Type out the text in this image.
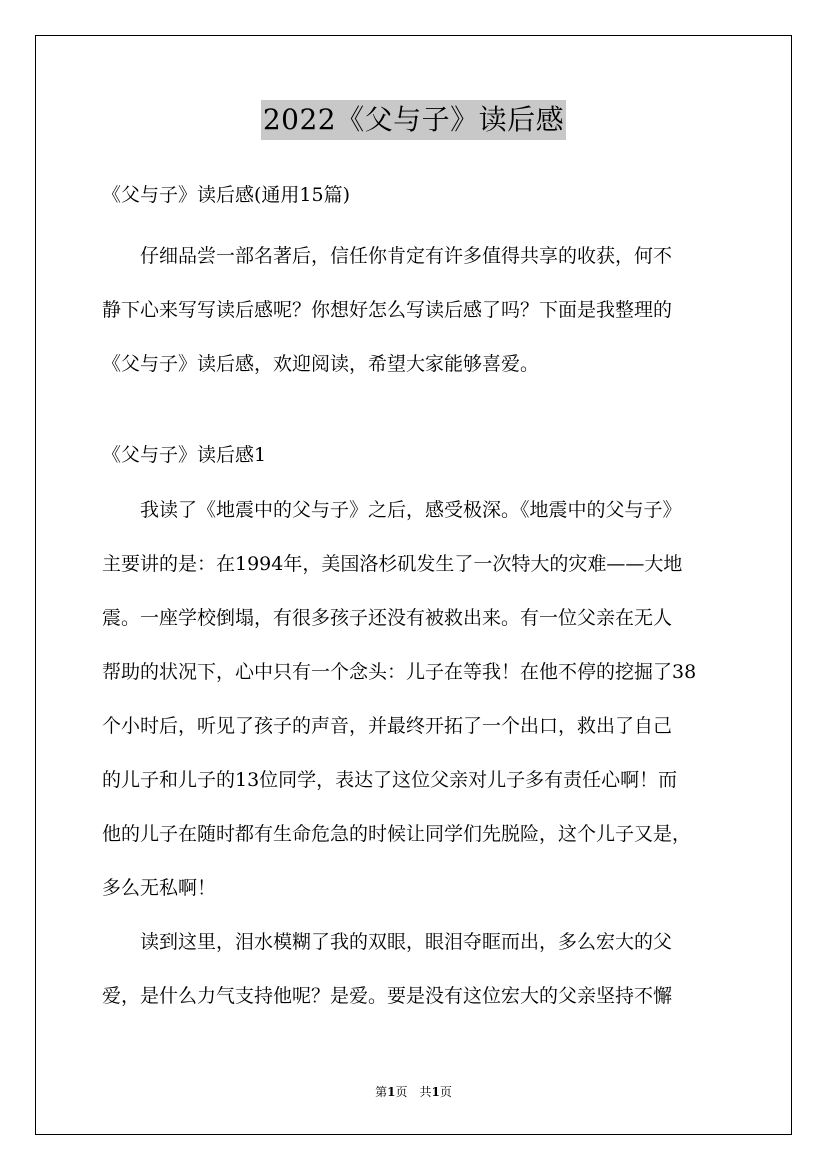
2022《父与子》读后感
《父与子》读后感(通用15篇)
仔细品尝一部名著后，信任你肯定有许多值得共享的收获，何不
静下心来写写读后感呢？你想好怎么写读后感了吗？下面是我整理的
《父与子》读后感，欢迎阅读，希望大家能够喜爱。
《父与子》读后感1
我读了《地震中的父与子》之后，感受极深。《地震中的父与子》
主要讲的是：在1994年，美国洛杉矶发生了一次特大的灾难——大地
震。一座学校倒塌，有很多孩子还没有被救出来。有一位父亲在无人
帮助的状况下，心中只有一个念头：儿子在等我！在他不停的挖掘了38
个小时后，听见了孩子的声音，并最终开拓了一个出口，救出了自己
的儿子和儿子的13位同学，表达了这位父亲对儿子多有责任心啊！而
他的儿子在随时都有生命危急的时候让同学们先脱险，这个儿子又是，
多么无私啊！
读到这里，泪水模糊了我的双眼，眼泪夺眶而出，多么宏大的父
爱，是什么力气支持他呢？是爱。要是没有这位宏大的父亲坚持不懈
第1页　共1页
